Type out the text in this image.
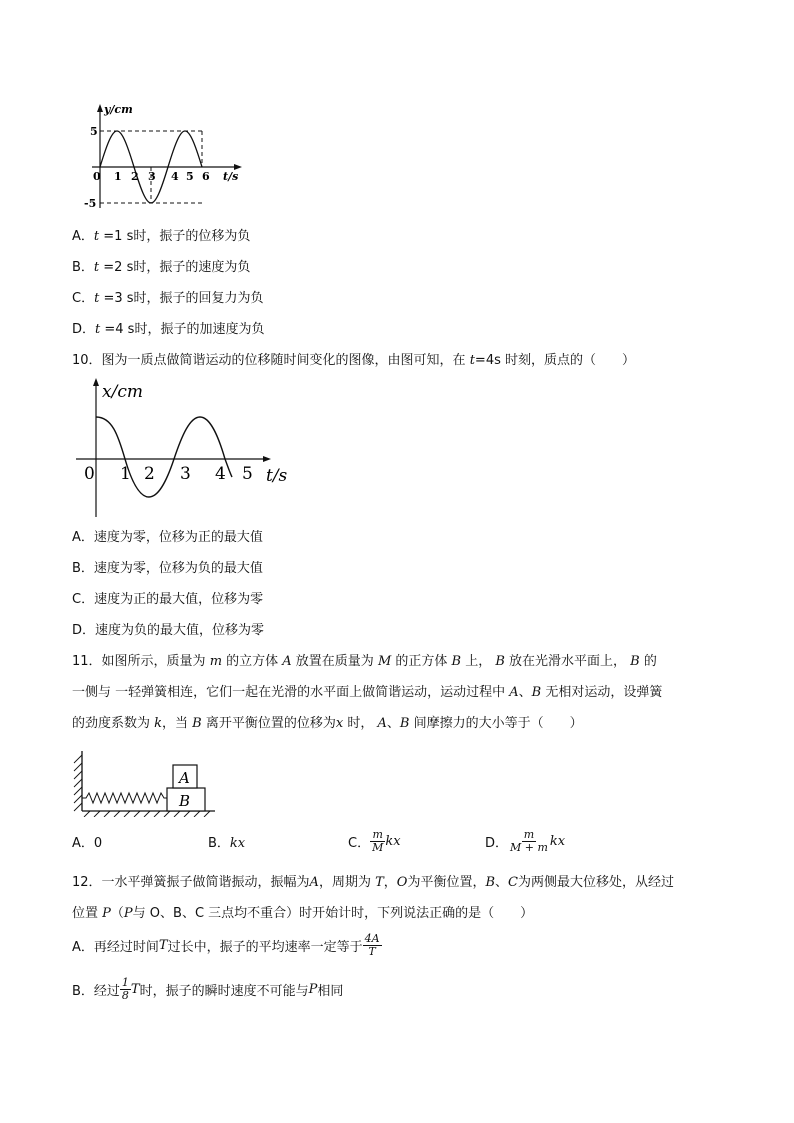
y/cm
t/s
0
5
-5
1 2 3 4 5 6
A．t =1 s时，振子的位移为负
B．t =2 s时，振子的速度为负
C．t =3 s时，振子的回复力为负
D．t =4 s时，振子的加速度为负
10．图为一质点做简谐运动的位移随时间变化的图像，由图可知，在 t=4s 时刻，质点的（　　）
x/cm
t/s
0 1 2 3 4 5
A．速度为零，位移为正的最大值
B．速度为零，位移为负的最大值
C．速度为正的最大值，位移为零
D．速度为负的最大值，位移为零
11．如图所示，质量为 m 的立方体 A 放置在质量为 M 的正方体 B 上， B 放在光滑水平面上， B 的
一侧与 一轻弹簧相连，它们一起在光滑的水平面上做简谐运动，运动过程中 A、B 无相对运动，设弹簧
的劲度系数为 k，当 B 离开平衡位置的位移为x 时， A、B 间摩擦力的大小等于（　　）
B
A
A．0	B．kx	C． $\frac{m}{M}$ kx	D． $\frac{m}{M + m}$ kx
12．一水平弹簧振子做简谐振动，振幅为A，周期为 T，O为平衡位置，B、C为两侧最大位移处，从经过
位置 P（P与 O、B、C 三点均不重合）时开始计时，下列说法正确的是（　　）
A．再经过时间 T 过长中，振子的平均速率一定等于 $\frac{4A}{T}$
B．经过 $\frac{1}{8}$ T 时，振子的瞬时速度不可能与 P 相同
